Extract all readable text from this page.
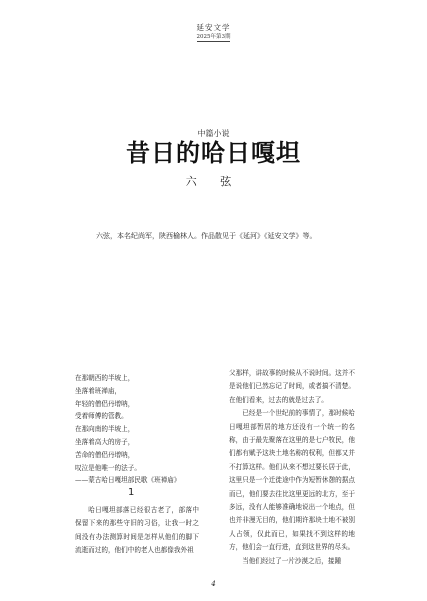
延安文学
2025年第3期
中篇小说
昔日的哈日嘎坦
六 弦
六弦，本名纪尚军，陕西榆林人。作品散见于《延河》《延安文学》等。
在那朝西的半坡上，
坐落着班禅庙，
年轻的僧侣丹增呐，
受着师傅的管教。
在那向南的半坡上，
坐落着高大的房子，
苦命的僧侣丹增呐，
叹泣是他唯一的法子。
——蒙古哈日嘎坦部民歌《班禅庙》
1

哈日嘎坦部落已经很古老了，部落中保留下来的那些守旧的习俗，让我一时之间没有办法测算时间是怎样从他们的脚下流逝而过的，他们中的老人也都像我外祖

父那样，讲故事的时候从不说时间。这并不是说他们已然忘记了时间，或者搞不清楚。在他们看来，过去的就是过去了。

已经是一个世纪前的事情了，那时候哈日嘎坦部暂居的地方还没有一个统一的名称，由于最先聚落在这里的是七户牧民，他们都有赋予这块土地名称的权利，但都又并不打算这样。他们从来不想过要长居于此，这里只是一个迁徙途中作为短暂休憩的据点而已，他们要去往比这里更远的北方，至于多远，没有人能够准确地说出一个地点，但也并非漫无目的，他们期许那块土地不被别人占领，仅此而已，如果找不到这样的地方，他们会一直行进，直到这世界的尽头。

当他们经过了一片沙漠之后，接踵

4
